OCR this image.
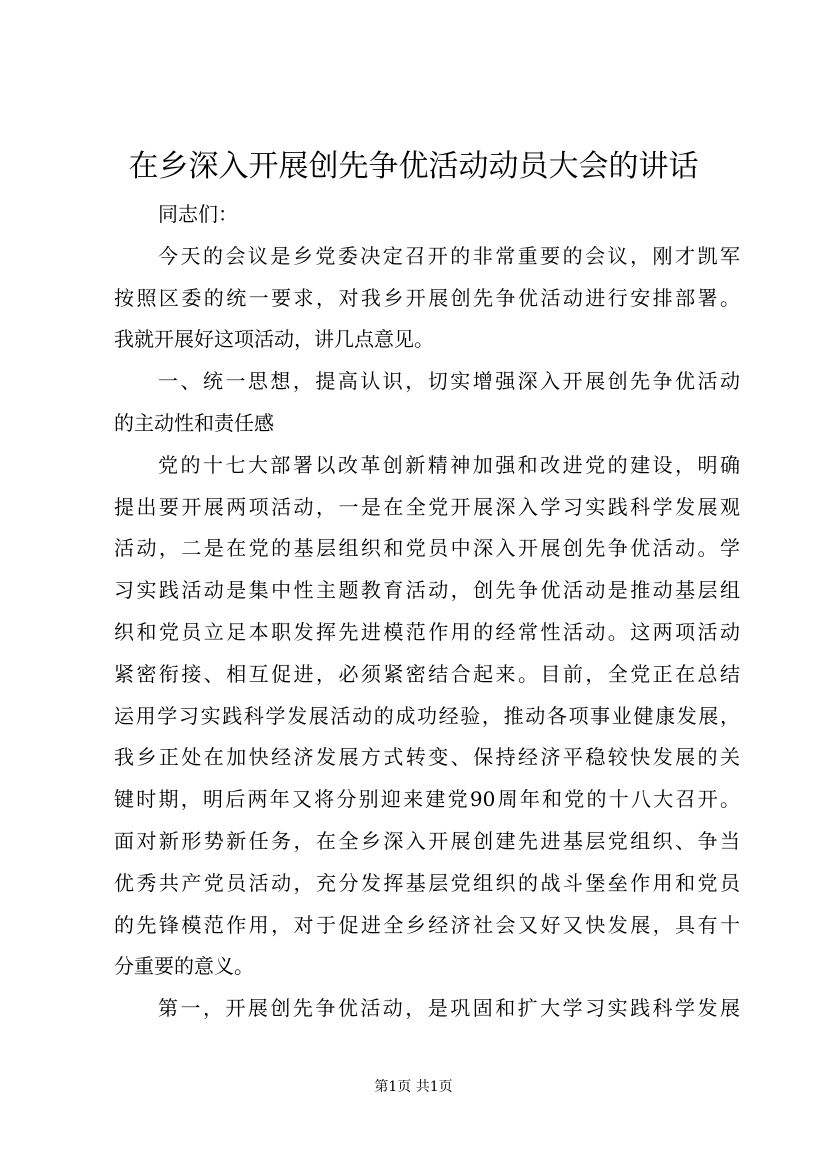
在乡深入开展创先争优活动动员大会的讲话
同志们：
今天的会议是乡党委决定召开的非常重要的会议，刚才凯军
按照区委的统一要求，对我乡开展创先争优活动进行安排部署。
我就开展好这项活动，讲几点意见。
一、统一思想，提高认识，切实增强深入开展创先争优活动
的主动性和责任感
党的十七大部署以改革创新精神加强和改进党的建设，明确
提出要开展两项活动，一是在全党开展深入学习实践科学发展观
活动，二是在党的基层组织和党员中深入开展创先争优活动。学
习实践活动是集中性主题教育活动，创先争优活动是推动基层组
织和党员立足本职发挥先进模范作用的经常性活动。这两项活动
紧密衔接、相互促进，必须紧密结合起来。目前，全党正在总结
运用学习实践科学发展活动的成功经验，推动各项事业健康发展，
我乡正处在加快经济发展方式转变、保持经济平稳较快发展的关
键时期，明后两年又将分别迎来建党90周年和党的十八大召开。
面对新形势新任务，在全乡深入开展创建先进基层党组织、争当
优秀共产党员活动，充分发挥基层党组织的战斗堡垒作用和党员
的先锋模范作用，对于促进全乡经济社会又好又快发展，具有十
分重要的意义。
第一，开展创先争优活动，是巩固和扩大学习实践科学发展
第1页 共1页
